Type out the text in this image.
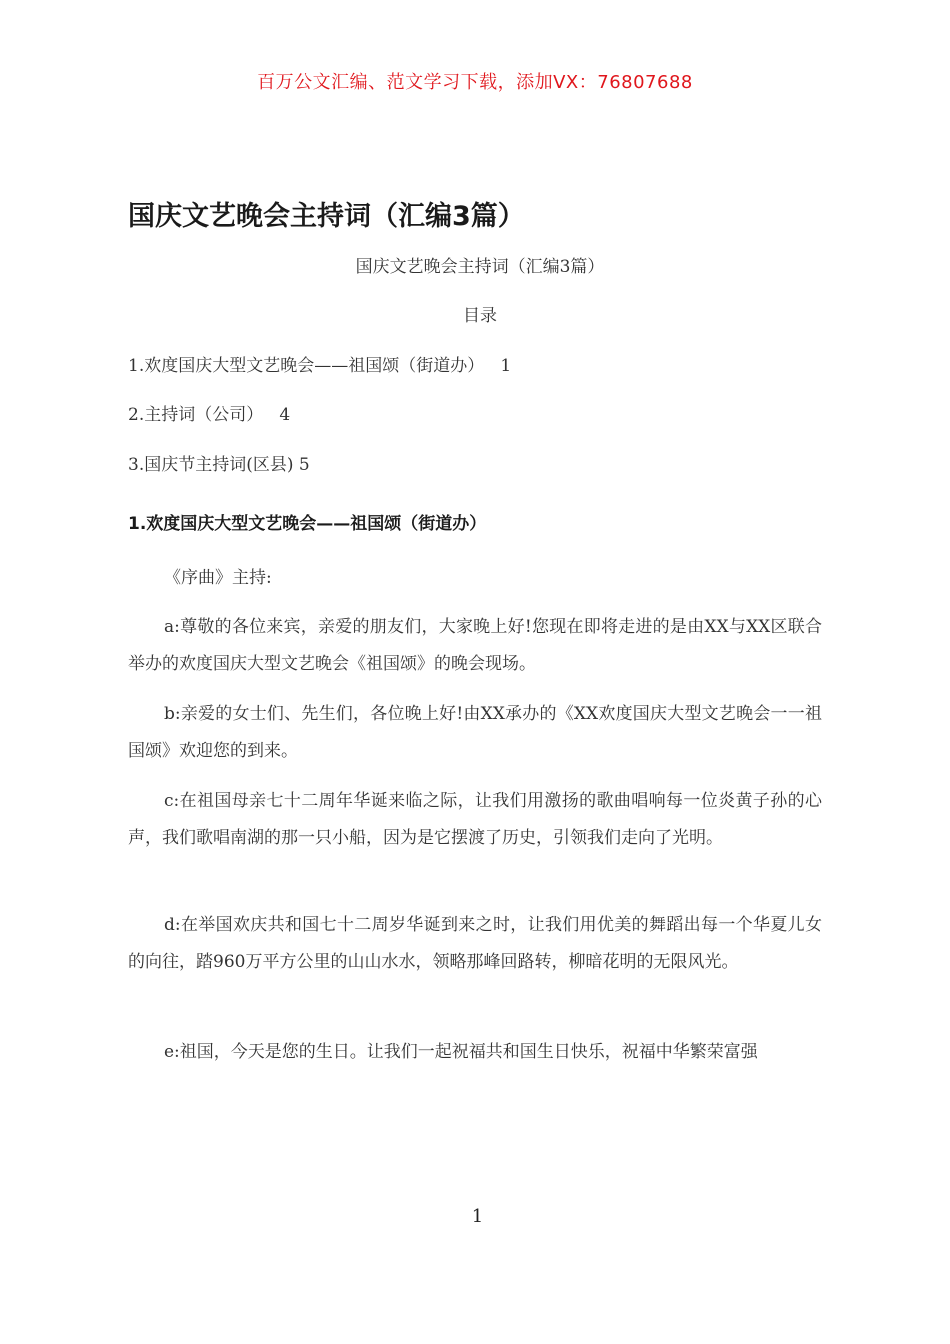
百万公文汇编、范文学习下载，添加VX：76807688
国庆文艺晚会主持词（汇编3篇）
国庆文艺晚会主持词（汇编3篇）
目录
1.欢度国庆大型文艺晚会——祖国颂（街道办）   1
2.主持词（公司）   4
3.国庆节主持词(区县) 5
1.欢度国庆大型文艺晚会——祖国颂（街道办）
《序曲》主持:
a:尊敬的各位来宾，亲爱的朋友们，大家晚上好!您现在即将走进的是由XX与XX区联合举办的欢度国庆大型文艺晚会《祖国颂》的晚会现场。
b:亲爱的女士们、先生们，各位晚上好!由XX承办的《XX欢度国庆大型文艺晚会一一祖国颂》欢迎您的到来。
c:在祖国母亲七十二周年华诞来临之际，让我们用激扬的歌曲唱响每一位炎黄子孙的心声，我们歌唱南湖的那一只小船，因为是它摆渡了历史，引领我们走向了光明。
d:在举国欢庆共和国七十二周岁华诞到来之时，让我们用优美的舞蹈出每一个华夏儿女的向往，踏960万平方公里的山山水水，领略那峰回路转，柳暗花明的无限风光。
e:祖国，今天是您的生日。让我们一起祝福共和国生日快乐，祝福中华繁荣富强
1
